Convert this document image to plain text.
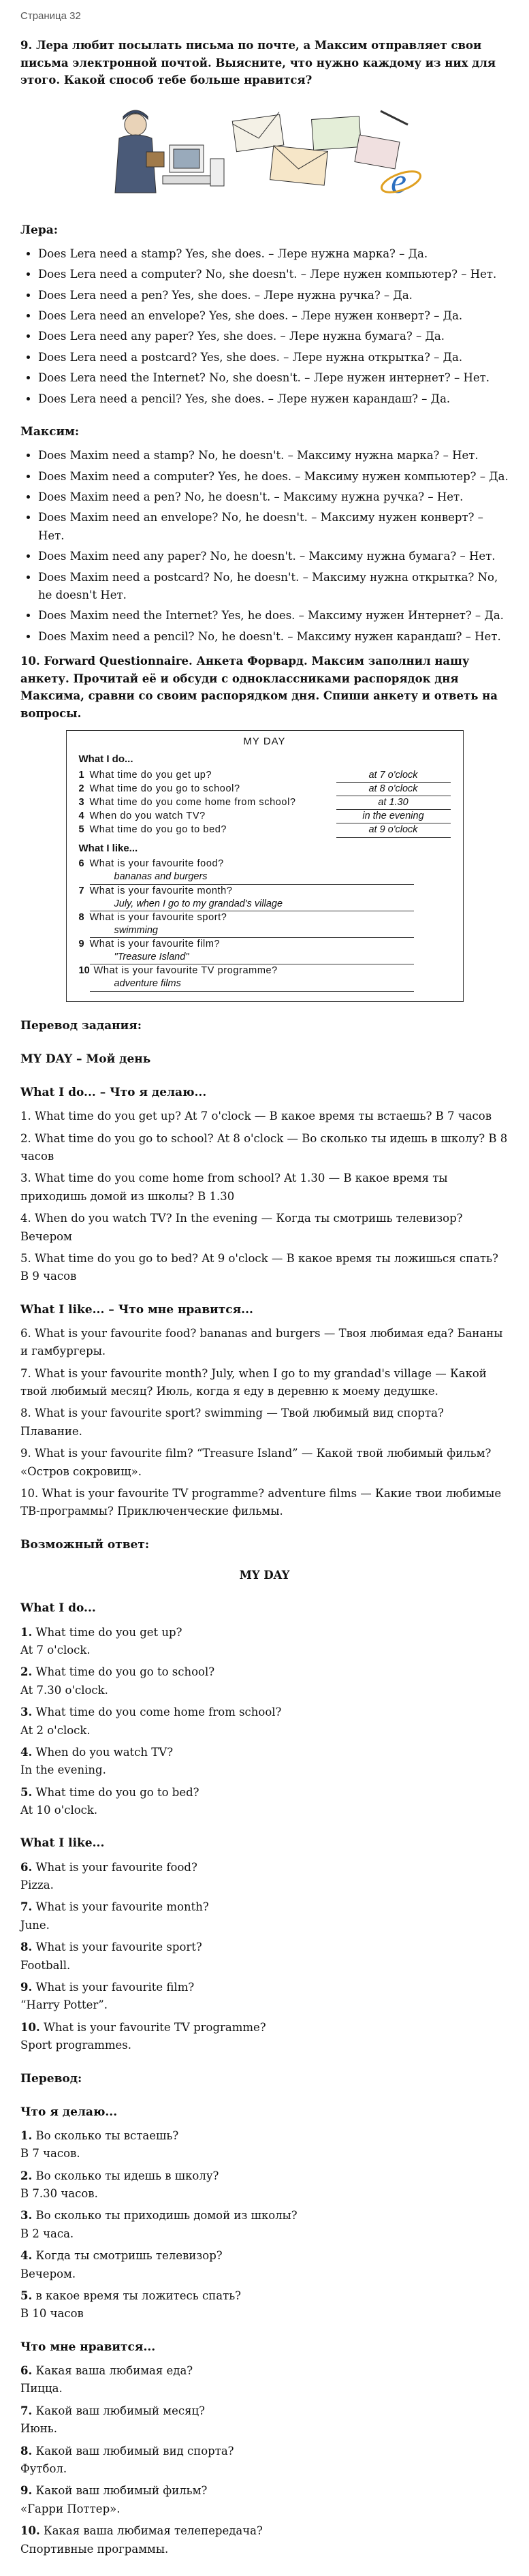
Страница 32
9. Лера любит посылать письма по почте, а Максим отправляет свои письма электронной почтой. Выясните, что нужно каждому из них для этого. Какой способ тебе больше нравится?
e
Лера:
• Does Lera need a stamp? Yes, she does. – Лере нужна марка? – Да.
• Does Lera need a computer? No, she doesn't. – Лере нужен компьютер? – Нет.
• Does Lera need a pen? Yes, she does. – Лере нужна ручка? – Да.
• Does Lera need an envelope? Yes, she does. – Лере нужен конверт? – Да.
• Does Lera need any paper? Yes, she does. – Лере нужна бумага? – Да.
• Does Lera need a postcard? Yes, she does. – Лере нужна открытка? – Да.
• Does Lera need the Internet? No, she doesn't. – Лере нужен интернет? – Нет.
• Does Lera need a pencil? Yes, she does. – Лере нужен карандаш? – Да.
Максим:
• Does Maxim need a stamp? No, he doesn't. – Максиму нужна марка? – Нет.
• Does Maxim need a computer? Yes, he does. – Максиму нужен компьютер? – Да.
• Does Maxim need a pen? No, he doesn't. – Максиму нужна ручка? – Нет.
• Does Maxim need an envelope? No, he doesn't. – Максиму нужен конверт? – Нет.
• Does Maxim need any paper? No, he doesn't. – Максиму нужна бумага? – Нет.
• Does Maxim need a postcard? No, he doesn't. – Максиму нужна открытка? No, he doesn't Нет.
• Does Maxim need the Internet? Yes, he does. – Максиму нужен Интернет? – Да.
• Does Maxim need a pencil? No, he doesn't. – Максиму нужен карандаш? – Нет.
10. Forward Questionnaire. Анкета Форвард. Максим заполнил нашу анкету. Прочитай её и обсуди с одноклассниками распорядок дня Максима, сравни со своим распорядком дня. Спиши анкету и ответь на вопросы.
MY DAY
What I do...
1 What time do you get up?	at 7 o'clock
2 What time do you go to school?	at 8 o'clock
3 What time do you come home from school?	at 1.30
4 When do you watch TV?	in the evening
5 What time do you go to bed?	at 9 o'clock
What I like...
6 What is your favourite food?
bananas and burgers
7 What is your favourite month?
July, when I go to my grandad's village
8 What is your favourite sport?
swimming
9 What is your favourite film?
"Treasure Island"
10 What is your favourite TV programme?
adventure films
Перевод задания:
MY DAY – Мой день
What I do... – Что я делаю...
1. What time do you get up? At 7 o'clock — В какое время ты встаешь? В 7 часов
2. What time do you go to school? At 8 o'clock — Во сколько ты идешь в школу? В 8 часов
3. What time do you come home from school? At 1.30 — В какое время ты приходишь домой из школы? В 1.30
4. When do you watch TV? In the evening — Когда ты смотришь телевизор? Вечером
5. What time do you go to bed? At 9 o'clock — В какое время ты ложишься спать? В 9 часов
What I like... – Что мне нравится...
6. What is your favourite food? bananas and burgers — Твоя любимая еда? Бананы и гамбургеры.
7. What is your favourite month? July, when I go to my grandad's village — Какой твой любимый месяц? Июль, когда я еду в деревню к моему дедушке.
8. What is your favourite sport? swimming — Твой любимый вид спорта? Плавание.
9. What is your favourite film? “Treasure Island” — Какой твой любимый фильм? «Остров сокровищ».
10. What is your favourite TV programme? adventure films — Какие твои любимые ТВ-программы? Приключенческие фильмы.
Возможный ответ:
MY DAY
What I do...
1. What time do you get up?
At 7 o'clock.
2. What time do you go to school?
At 7.30 o'clock.
3. What time do you come home from school?
At 2 o'clock.
4. When do you watch TV?
In the evening.
5. What time do you go to bed?
At 10 o'clock.
What I like...
6. What is your favourite food?
Pizza.
7. What is your favourite month?
June.
8. What is your favourite sport?
Football.
9. What is your favourite film?
“Harry Potter”.
10. What is your favourite TV programme?
Sport programmes.
Перевод:
Что я делаю...
1. Во сколько ты встаешь?
В 7 часов.
2. Во сколько ты идешь в школу?
В 7.30 часов.
3. Во сколько ты приходишь домой из школы?
В 2 часа.
4. Когда ты смотришь телевизор?
Вечером.
5. в какое время ты ложитесь спать?
В 10 часов
Что мне нравится...
6. Какая ваша любимая еда?
Пицца.
7. Какой ваш любимый месяц?
Июнь.
8. Какой ваш любимый вид спорта?
Футбол.
9. Какой ваш любимый фильм?
«Гарри Поттер».
10. Какая ваша любимая телепередача?
Спортивные программы.
